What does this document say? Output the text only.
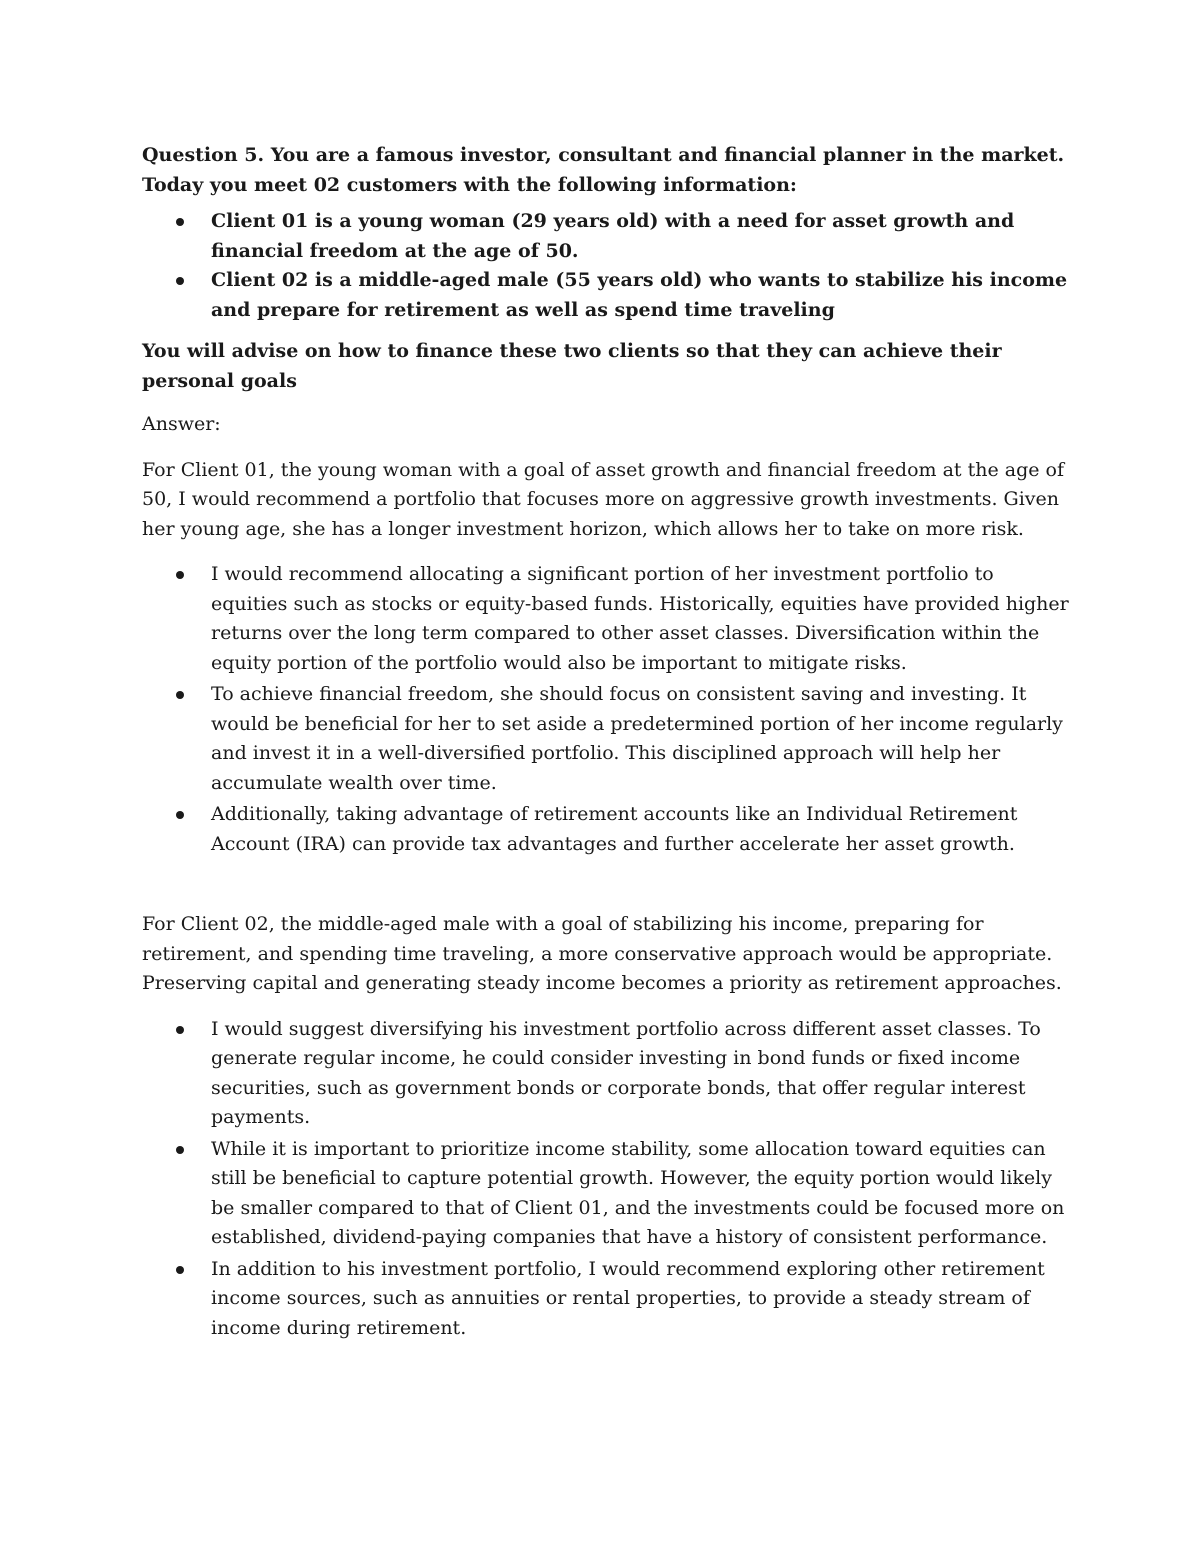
Question 5. You are a famous investor, consultant and financial planner in the market.

Today you meet 02 customers with the following information:

Client 01 is a young woman (29 years old) with a need for asset growth and financial freedom at the age of 50.
Client 02 is a middle-aged male (55 years old) who wants to stabilize his income and prepare for retirement as well as spend time traveling

You will advise on how to finance these two clients so that they can achieve their personal goals

Answer:

For Client 01, the young woman with a goal of asset growth and financial freedom at the age of 50, I would recommend a portfolio that focuses more on aggressive growth investments. Given her young age, she has a longer investment horizon, which allows her to take on more risk.

I would recommend allocating a significant portion of her investment portfolio to equities such as stocks or equity-based funds. Historically, equities have provided higher returns over the long term compared to other asset classes. Diversification within the equity portion of the portfolio would also be important to mitigate risks.
To achieve financial freedom, she should focus on consistent saving and investing. It would be beneficial for her to set aside a predetermined portion of her income regularly and invest it in a well-diversified portfolio. This disciplined approach will help her accumulate wealth over time.
Additionally, taking advantage of retirement accounts like an Individual Retirement Account (IRA) can provide tax advantages and further accelerate her asset growth.

For Client 02, the middle-aged male with a goal of stabilizing his income, preparing for retirement, and spending time traveling, a more conservative approach would be appropriate. Preserving capital and generating steady income becomes a priority as retirement approaches.

I would suggest diversifying his investment portfolio across different asset classes. To generate regular income, he could consider investing in bond funds or fixed income securities, such as government bonds or corporate bonds, that offer regular interest payments.
While it is important to prioritize income stability, some allocation toward equities can still be beneficial to capture potential growth. However, the equity portion would likely be smaller compared to that of Client 01, and the investments could be focused more on established, dividend-paying companies that have a history of consistent performance.
In addition to his investment portfolio, I would recommend exploring other retirement income sources, such as annuities or rental properties, to provide a steady stream of income during retirement.
